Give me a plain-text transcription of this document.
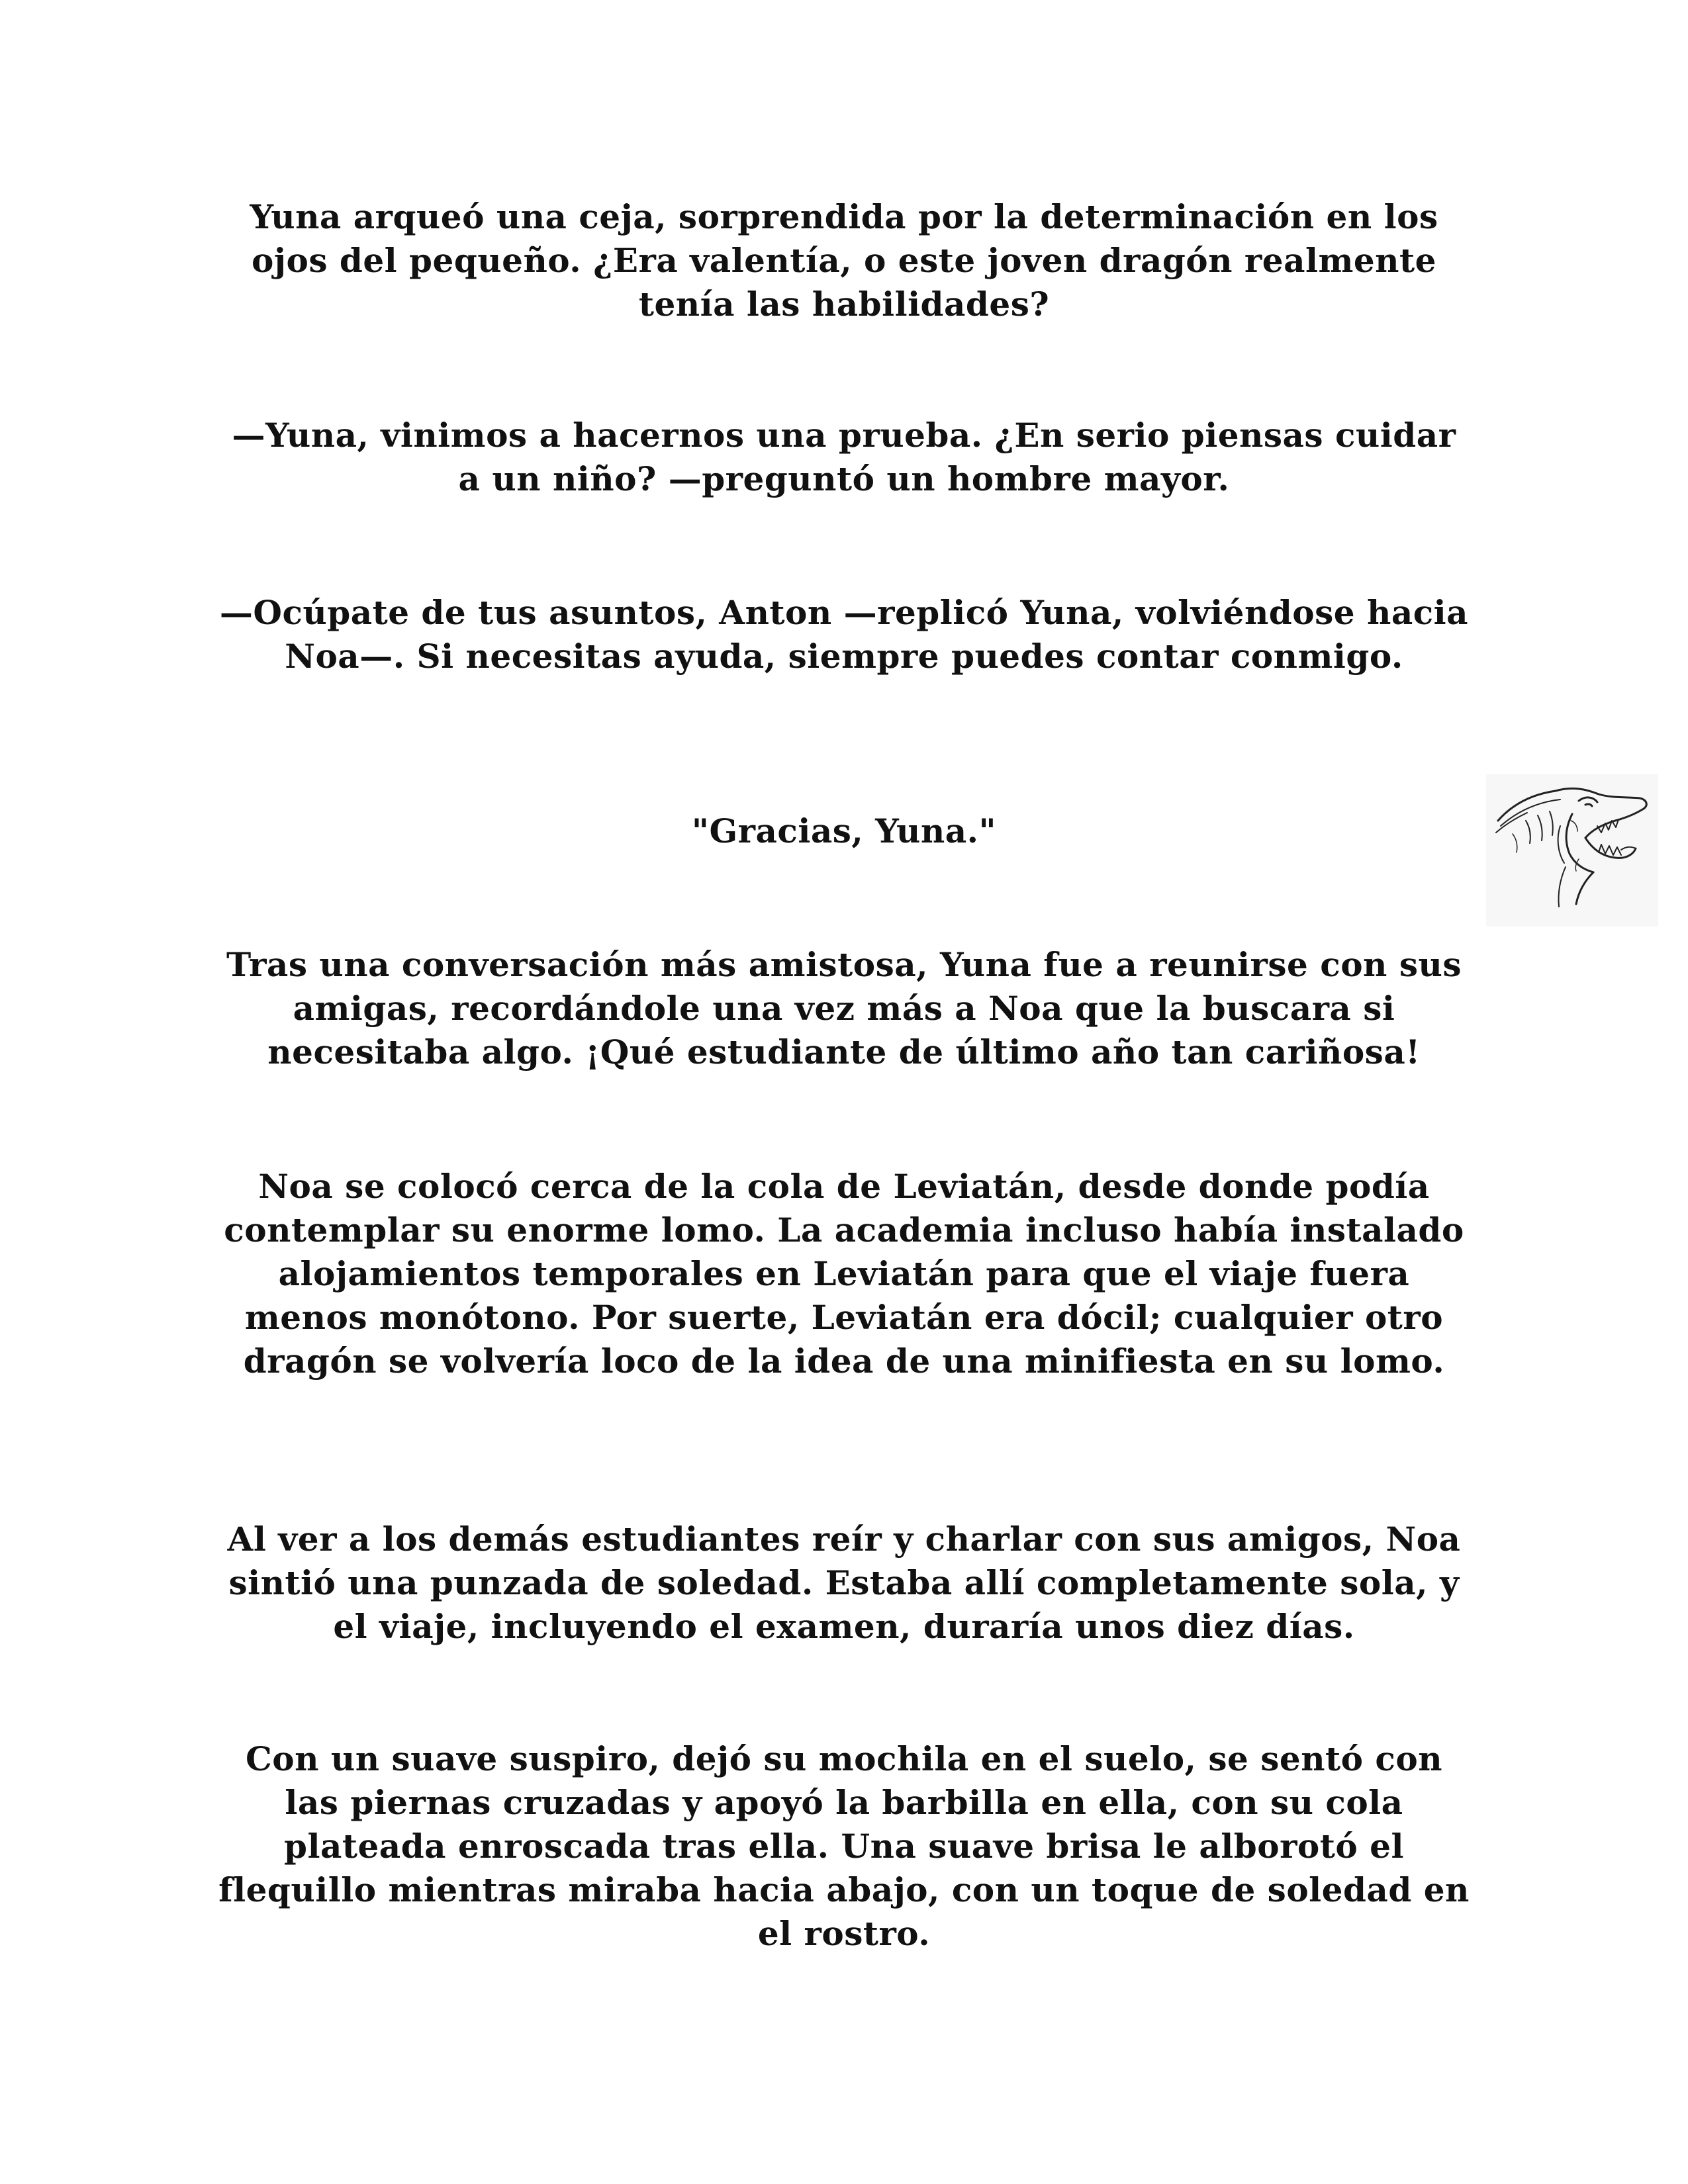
Yuna arqueó una ceja, sorprendida por la determinación en los ojos del pequeño. ¿Era valentía, o este joven dragón realmente tenía las habilidades?

—Yuna, vinimos a hacernos una prueba. ¿En serio piensas cuidar a un niño? —preguntó un hombre mayor.

—Ocúpate de tus asuntos, Anton —replicó Yuna, volviéndose hacia Noa—. Si necesitas ayuda, siempre puedes contar conmigo.

"Gracias, Yuna."

Tras una conversación más amistosa, Yuna fue a reunirse con sus amigas, recordándole una vez más a Noa que la buscara si necesitaba algo. ¡Qué estudiante de último año tan cariñosa!

Noa se colocó cerca de la cola de Leviatán, desde donde podía contemplar su enorme lomo. La academia incluso había instalado alojamientos temporales en Leviatán para que el viaje fuera menos monótono. Por suerte, Leviatán era dócil; cualquier otro dragón se volvería loco de la idea de una minifiesta en su lomo.

Al ver a los demás estudiantes reír y charlar con sus amigos, Noa sintió una punzada de soledad. Estaba allí completamente sola, y el viaje, incluyendo el examen, duraría unos diez días.

Con un suave suspiro, dejó su mochila en el suelo, se sentó con las piernas cruzadas y apoyó la barbilla en ella, con su cola plateada enroscada tras ella. Una suave brisa le alborotó el flequillo mientras miraba hacia abajo, con un toque de soledad en el rostro.
